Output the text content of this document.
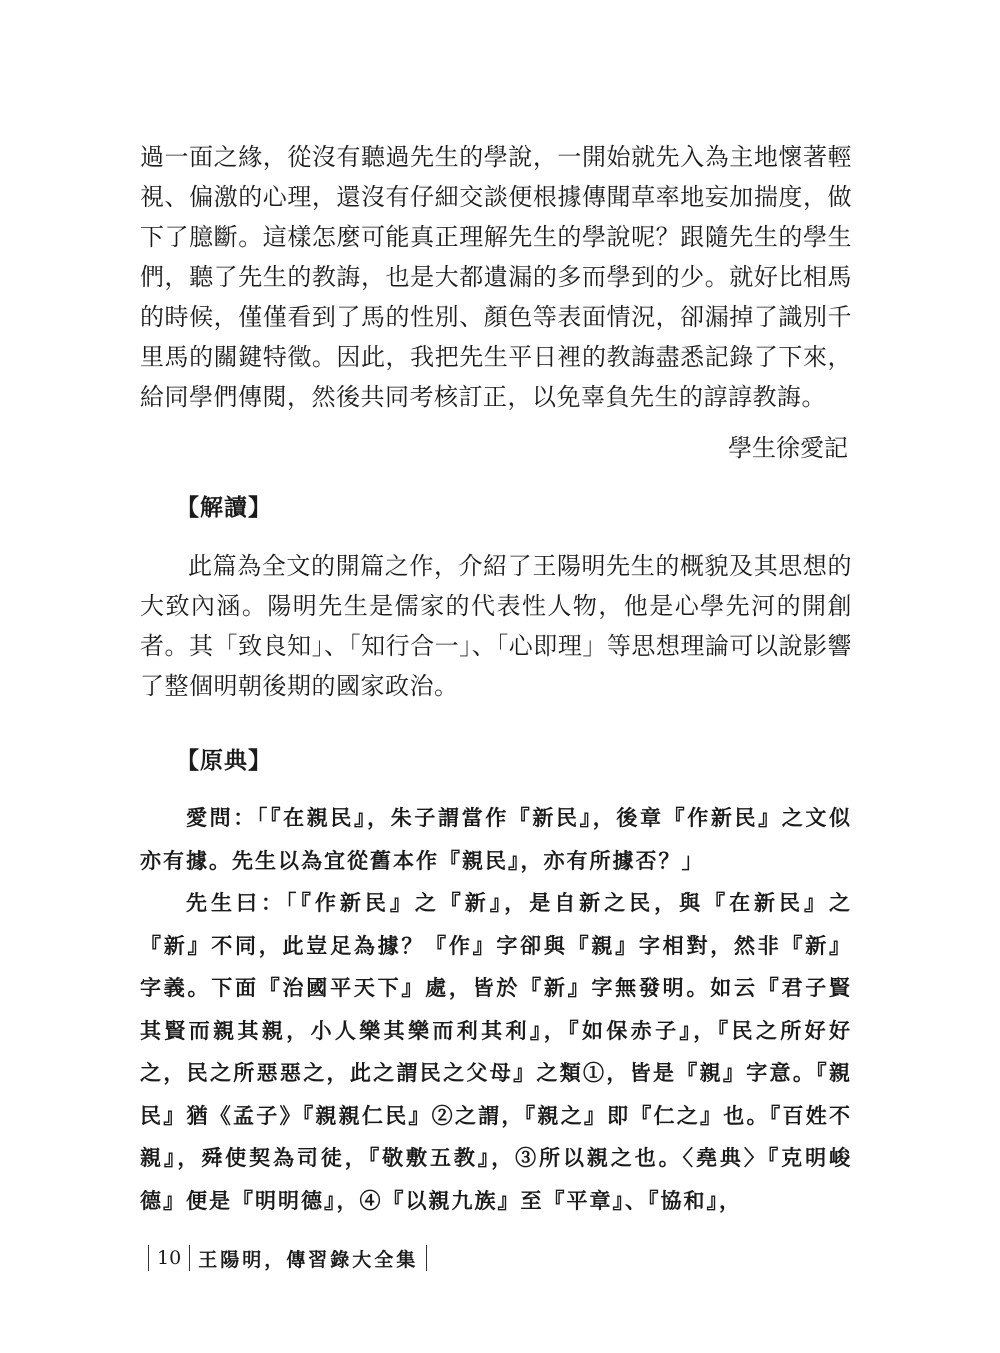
過一面之緣，從沒有聽過先生的學說，一開始就先入為主地懷著輕視、偏激的心理，還沒有仔細交談便根據傳聞草率地妄加揣度，做下了臆斷。這樣怎麼可能真正理解先生的學說呢？跟隨先生的學生們，聽了先生的教誨，也是大都遺漏的多而學到的少。就好比相馬的時候，僅僅看到了馬的性別、顏色等表面情況，卻漏掉了識別千里馬的關鍵特徵。因此，我把先生平日裡的教誨盡悉記錄了下來，給同學們傳閱，然後共同考核訂正，以免辜負先生的諄諄教誨。

學生徐愛記

【解讀】

此篇為全文的開篇之作，介紹了王陽明先生的概貌及其思想的大致內涵。陽明先生是儒家的代表性人物，他是心學先河的開創者。其「致良知」、「知行合一」、「心即理」等思想理論可以說影響了整個明朝後期的國家政治。

【原典】

愛問：「『在親民』，朱子謂當作『新民』，後章『作新民』之文似亦有據。先生以為宜從舊本作『親民』，亦有所據否？」

先生曰：「『作新民』之『新』，是自新之民，與『在新民』之『新』不同，此豈足為據？『作』字卻與『親』字相對，然非『新』字義。下面『治國平天下』處，皆於『新』字無發明。如云『君子賢其賢而親其親，小人樂其樂而利其利』，『如保赤子』，『民之所好好之，民之所惡惡之，此之謂民之父母』之類①，皆是『親』字意。『親民』猶《孟子》『親親仁民』②之謂，『親之』即『仁之』也。『百姓不親』，舜使契為司徒，『敬敷五教』，③所以親之也。〈堯典〉『克明峻德』便是『明明德』，④『以親九族』至『平章』、『協和』，

10 王陽明，傳習錄大全集
